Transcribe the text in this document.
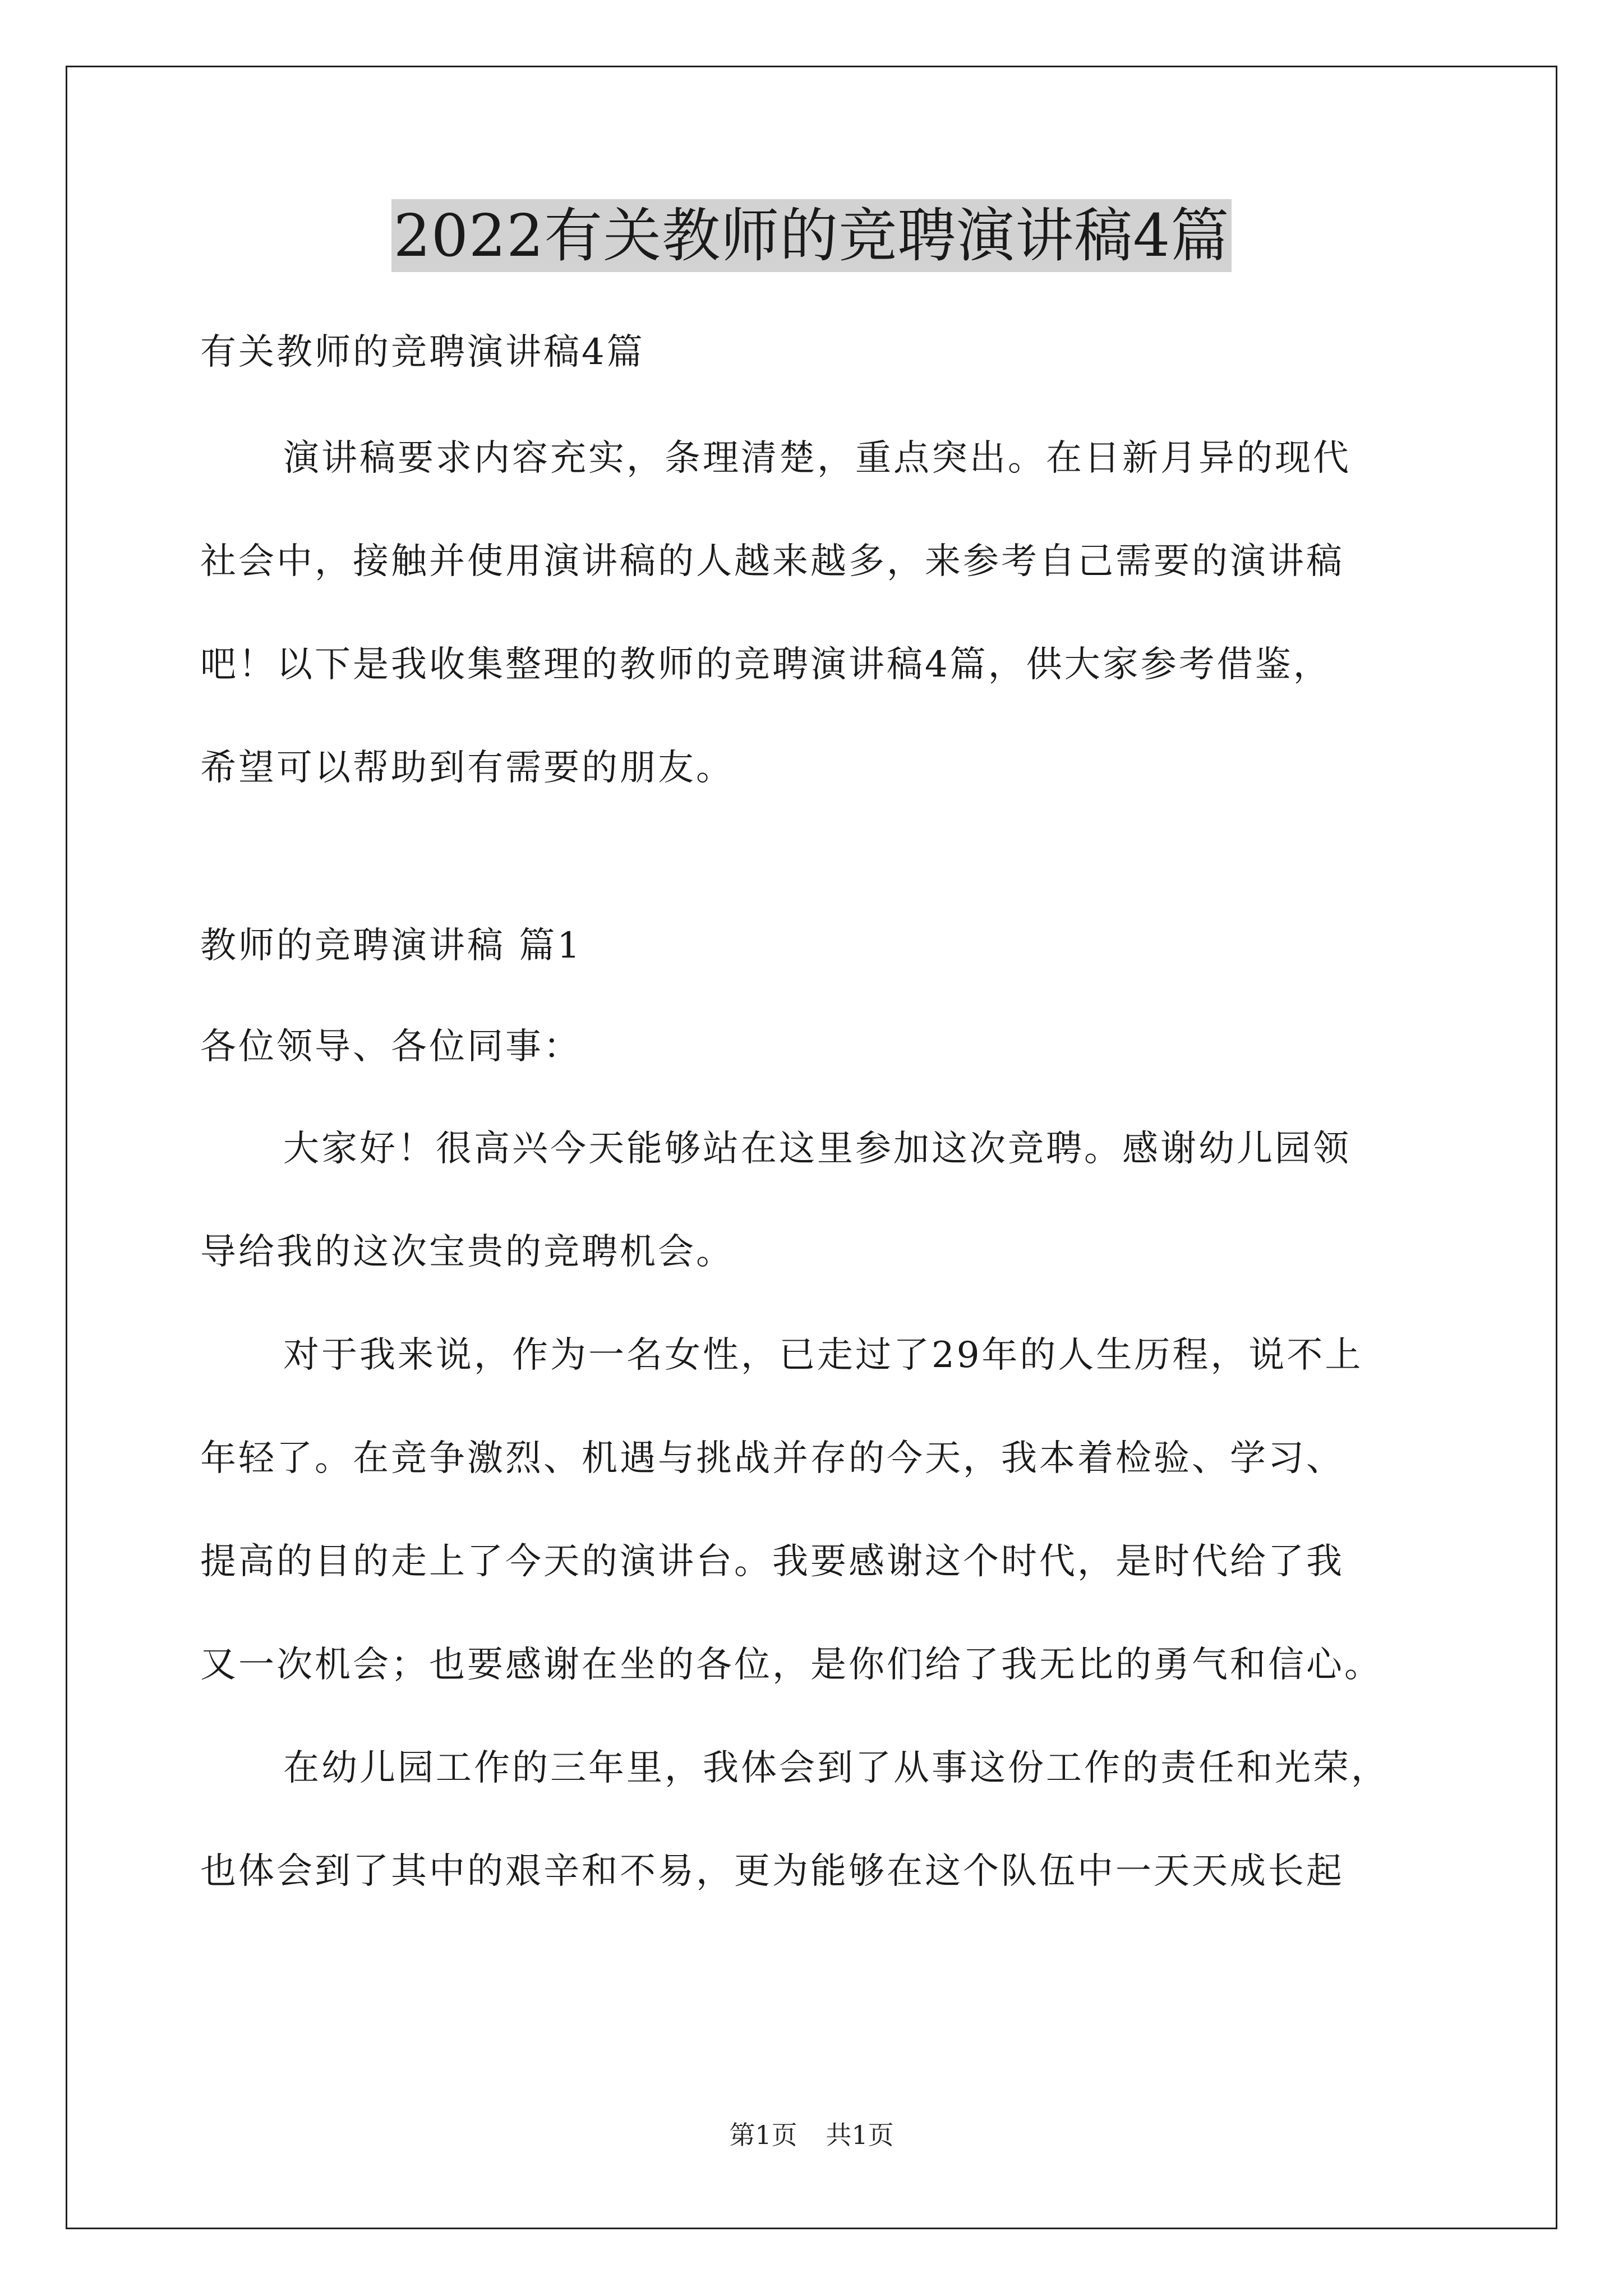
2022有关教师的竞聘演讲稿4篇
有关教师的竞聘演讲稿4篇
演讲稿要求内容充实，条理清楚，重点突出。在日新月异的现代
社会中，接触并使用演讲稿的人越来越多，来参考自己需要的演讲稿
吧！以下是我收集整理的教师的竞聘演讲稿4篇，供大家参考借鉴，
希望可以帮助到有需要的朋友。
教师的竞聘演讲稿 篇1
各位领导、各位同事：
大家好！很高兴今天能够站在这里参加这次竞聘。感谢幼儿园领
导给我的这次宝贵的竞聘机会。
对于我来说，作为一名女性，已走过了29年的人生历程，说不上
年轻了。在竞争激烈、机遇与挑战并存的今天，我本着检验、学习、
提高的目的走上了今天的演讲台。我要感谢这个时代，是时代给了我
又一次机会；也要感谢在坐的各位，是你们给了我无比的勇气和信心。
在幼儿园工作的三年里，我体会到了从事这份工作的责任和光荣，
也体会到了其中的艰辛和不易，更为能够在这个队伍中一天天成长起
第1页 共1页
